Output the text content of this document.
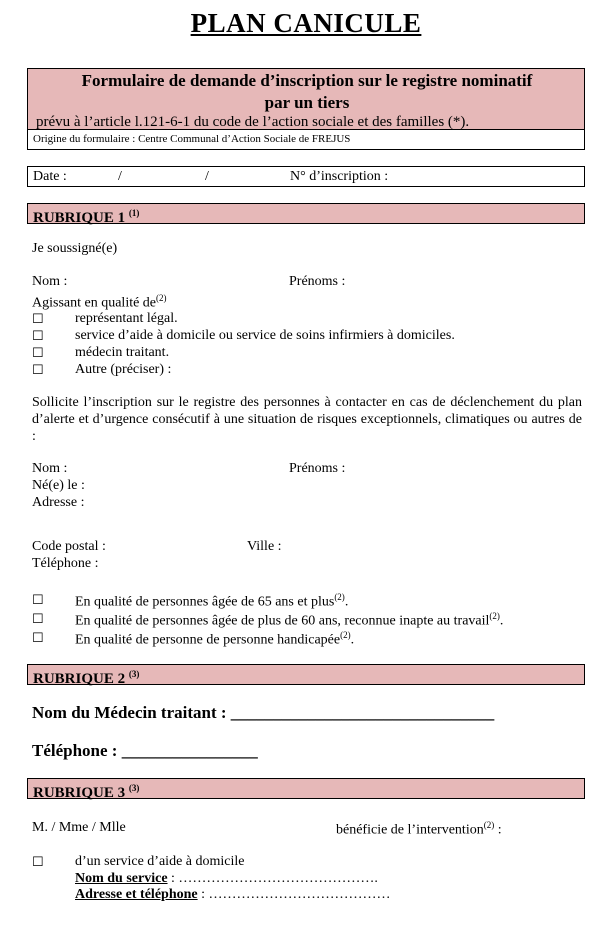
PLAN CANICULE
Formulaire de demande d’inscription sur le registre nominatif
par un tiers
prévu à l’article l.121-6-1 du code de l’action sociale et des familles (*).
Origine du formulaire : Centre Communal d’Action Sociale de FREJUS
Date :	/	/	N° d’inscription :
RUBRIQUE 1 $^{(1)}$
Je soussigné(e)
Nom :	Prénoms :
Agissant en qualité $de^{(2)}$
☐ représentant légal.
☐ service d’aide à domicile ou service de soins infirmiers à domiciles.
☐ médecin traitant.
☐ Autre (préciser) :
Sollicite l’inscription sur le registre des personnes à contacter en cas de déclenchement du plan d’alerte et d’urgence consécutif à une situation de risques exceptionnels, climatiques ou autres de :
Nom :	Prénoms :
Né(e) le :
Adresse :
Code postal :	Ville :
Téléphone :
☐ En qualité de personnes âgée de 65 ans et plus$^{(2)}$.
☐ En qualité de personnes âgée de plus de 60 ans, reconnue inapte au travail$^{(2)}$.
☐ En qualité de personne de personne handicapée$^{(2)}$.
RUBRIQUE 2 $^{(3)}$
Nom du Médecin traitant : _______________________________
Téléphone : ________________
RUBRIQUE 3 $^{(3)}$
M. / Mme / Mlle	bénéficie de l’intervention$^{(2)}$ :
☐ d’un service d’aide à domicile
Nom du service : …………………………………….
Adresse et téléphone : …………………………………
